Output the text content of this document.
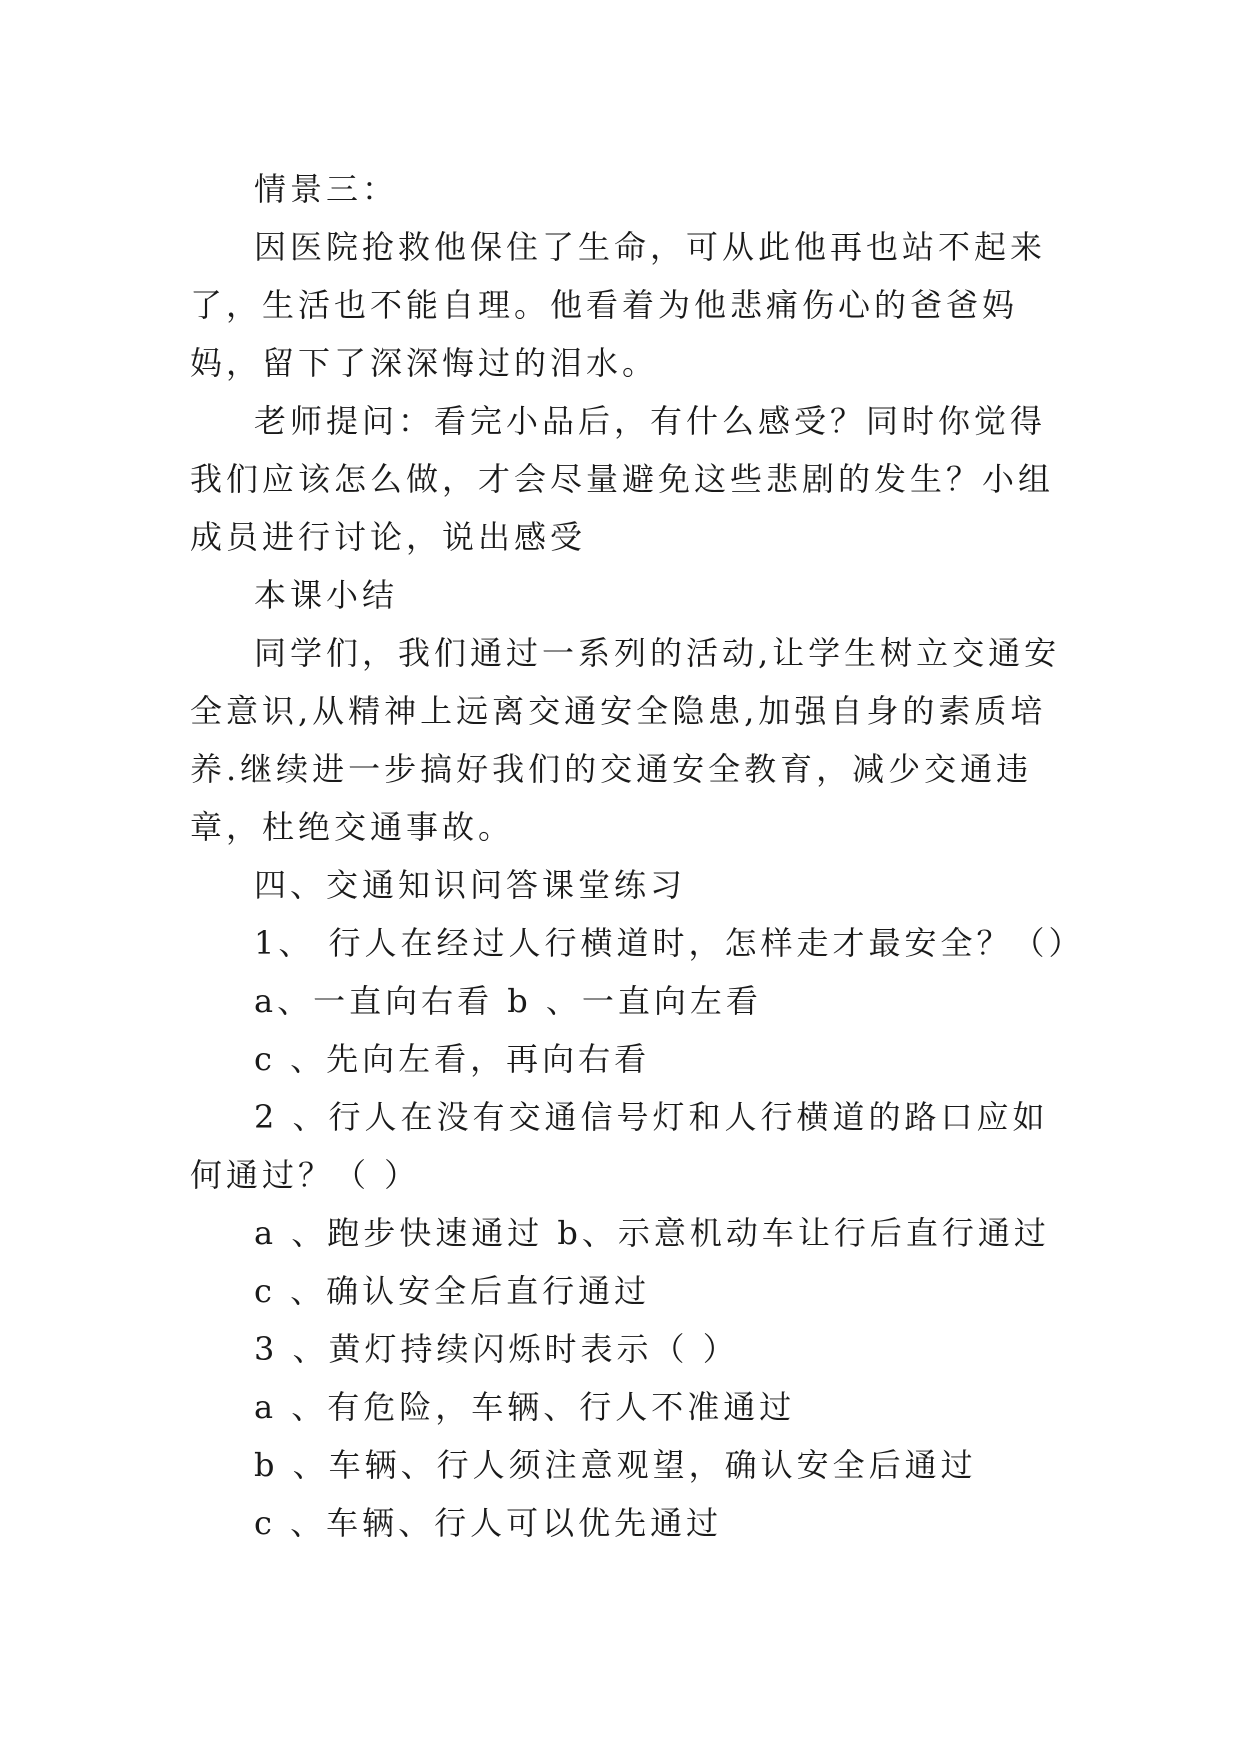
情景三：

因医院抢救他保住了生命，可从此他再也站不起来了，生活也不能自理。他看着为他悲痛伤心的爸爸妈妈，留下了深深悔过的泪水。

老师提问：看完小品后，有什么感受？同时你觉得我们应该怎么做，才会尽量避免这些悲剧的发生？小组成员进行讨论，说出感受

本课小结

同学们，我们通过一系列的活动,让学生树立交通安全意识,从精神上远离交通安全隐患,加强自身的素质培养.继续进一步搞好我们的交通安全教育，减少交通违章，杜绝交通事故。

四、交通知识问答课堂练习

1、 行人在经过人行横道时，怎样走才最安全？（）

a、一直向右看 b 、一直向左看

c 、先向左看，再向右看

2 、行人在没有交通信号灯和人行横道的路口应如何通过？（ ）

a 、跑步快速通过 b、示意机动车让行后直行通过

c 、确认安全后直行通过

3 、黄灯持续闪烁时表示（ ）

a 、有危险，车辆、行人不准通过

b 、车辆、行人须注意观望，确认安全后通过

c 、车辆、行人可以优先通过
